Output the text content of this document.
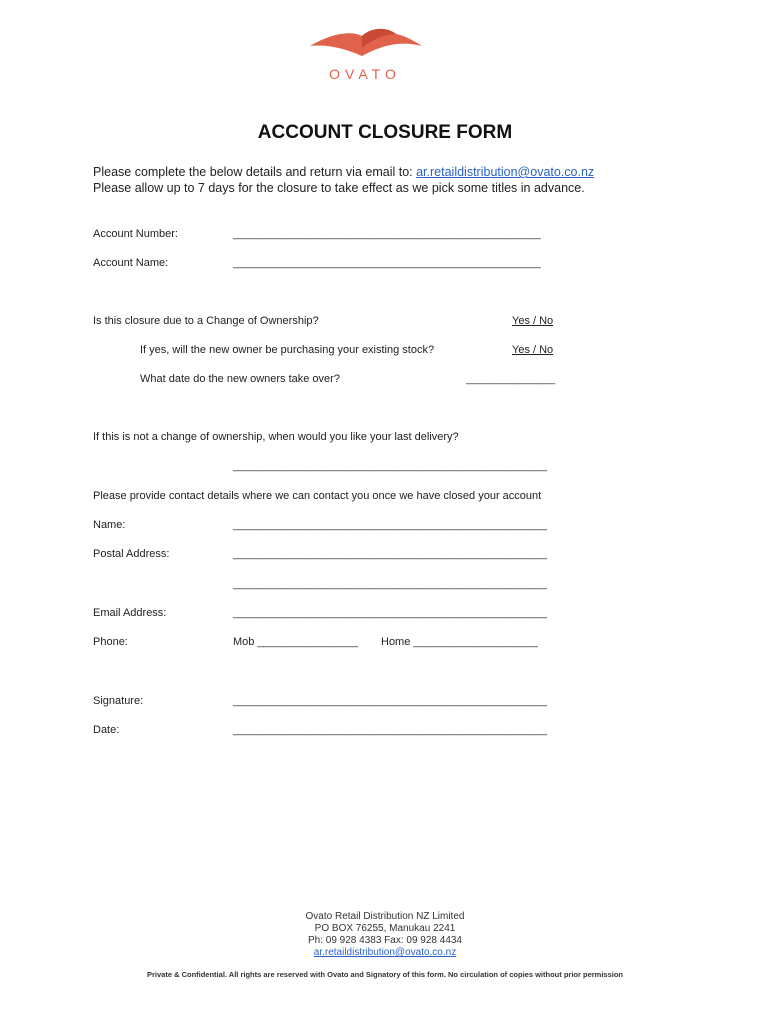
OVATO
ACCOUNT CLOSURE FORM
Please complete the below details and return via email to: ar.retaildistribution@ovato.co.nz
Please allow up to 7 days for the closure to take effect as we pick some titles in advance.
Account Number:	____________________________________________________
Account Name:	____________________________________________________
Is this closure due to a Change of Ownership?	Yes / No
If yes, will the new owner be purchasing your existing stock?	Yes / No
What date do the new owners take over?	_______________
If this is not a change of ownership, when would you like your last delivery?
_____________________________________________________
Please provide contact details where we can contact you once we have closed your account
Name:	_____________________________________________________
Postal Address:	_____________________________________________________
_____________________________________________________
Email Address:	_____________________________________________________
Phone:	Mob _________________ Home _____________________
Signature:	_____________________________________________________
Date:	_____________________________________________________
Ovato Retail Distribution NZ Limited
PO BOX 76255, Manukau 2241
Ph: 09 928 4383 Fax: 09 928 4434
ar.retaildistribution@ovato.co.nz
Private & Confidential. All rights are reserved with Ovato and Signatory of this form. No circulation of copies without prior permission
